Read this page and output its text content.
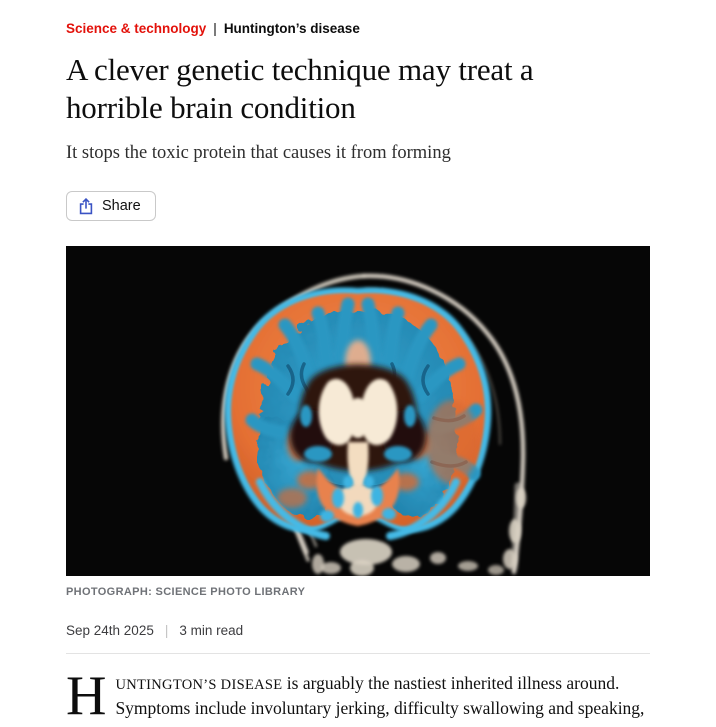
Science & technology | Huntington’s disease
A clever genetic technique may treat a horrible brain condition

It stops the toxic protein that causes it from forming

Share
PHOTOGRAPH: SCIENCE PHOTO LIBRARY
Sep 24th 2025 | 3 min read

HUNTINGTON’S DISEASE is arguably the nastiest inherited illness around. Symptoms include involuntary jerking, difficulty swallowing and speaking,
